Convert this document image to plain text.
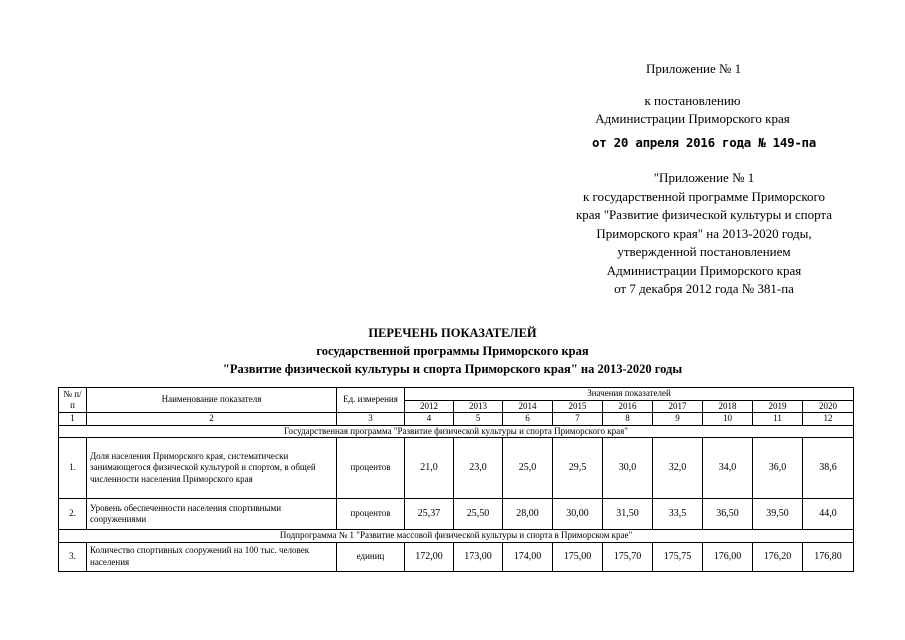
Приложение № 1
к постановлению
Администрации Приморского края
от 20 апреля 2016 года № 149-па
"Приложение № 1
к государственной программе Приморского
края "Развитие физической культуры и спорта
Приморского края" на 2013-2020 годы,
утвержденной постановлением
Администрации Приморского края
от 7 декабря 2012 года № 381-па
ПЕРЕЧЕНЬ ПОКАЗАТЕЛЕЙ
государственной программы Приморского края
"Развитие физической культуры и спорта Приморского края" на 2013-2020 годы
№ п/п	Наименование показателя	Ед. измерения	Значения показателей								
			2012	2013	2014	2015	2016	2017	2018	2019	2020
1	2	3	4	5	6	7	8	9	10	11	12
Государственная программа "Развитие физической культуры и спорта Приморского края"											
1.	Доля населения Приморского края, систематически занимающегося физической культурой и спортом, в общей численности населения Приморского края	процентов	21,0	23,0	25,0	29,5	30,0	32,0	34,0	36,0	38,6
2.	Уровень обеспеченности населения спортивными сооружениями	процентов	25,37	25,50	28,00	30,00	31,50	33,5	36,50	39,50	44,0
Подпрограмма № 1 "Развитие массовой физической культуры и спорта в Приморском крае"											
3.	Количество спортивных сооружений на 100 тыс. человек населения	единиц	172,00	173,00	174,00	175,00	175,70	175,75	176,00	176,20	176,80
